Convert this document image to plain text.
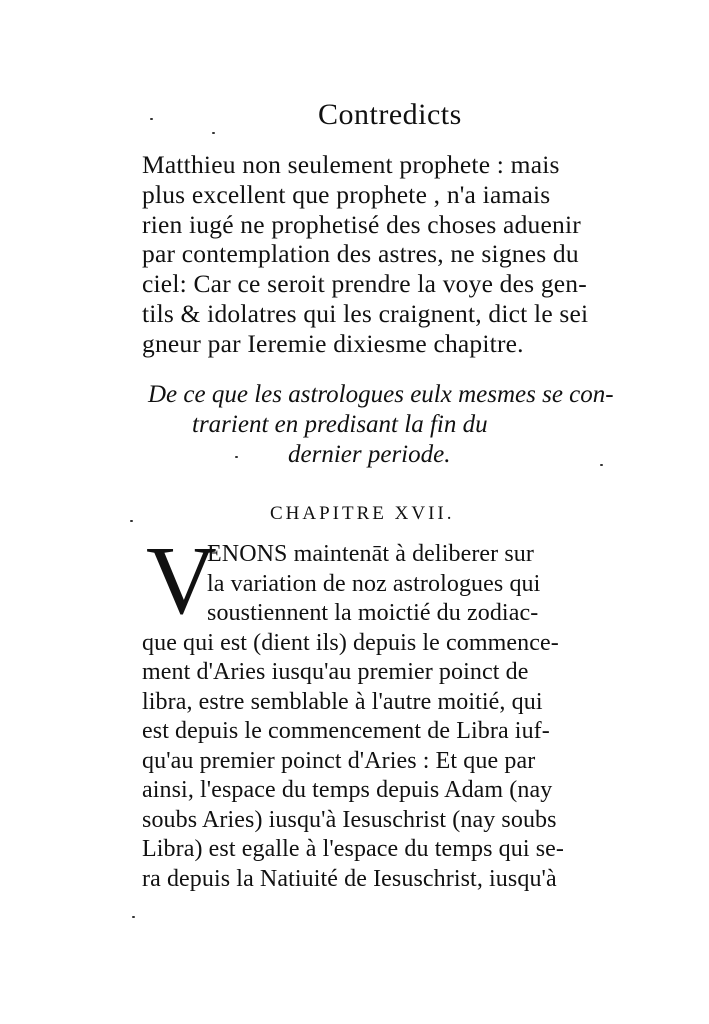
Contredicts
Matthieu non seulement prophete : mais
plus excellent que prophete , n'a iamais
rien iugé ne prophetisé des choses aduenir
par contemplation des astres, ne signes du
ciel: Car ce seroit prendre la voye des gen-
tils & idolatres qui les craignent, dict le sei
gneur par Ieremie dixiesme chapitre.
De ce que les astrologues eulx mesmes se con-
trarient en predisant la fin du
dernier periode.
CHAPITRE XVII.
V
ENONS maintenāt à deliberer sur
la variation de noz astrologues qui
soustiennent la moictié du zodiac-
que qui est (dient ils) depuis le commence-
ment d'Aries iusqu'au premier poinct de
libra, estre semblable à l'autre moitié, qui
est depuis le commencement de Libra iuf-
qu'au premier poinct d'Aries : Et que par
ainsi, l'espace du temps depuis Adam (nay
soubs Aries) iusqu'à Iesuschrist (nay soubs
Libra) est egalle à l'espace du temps qui se-
ra depuis la Natiuité de Iesuschrist, iusqu'à
